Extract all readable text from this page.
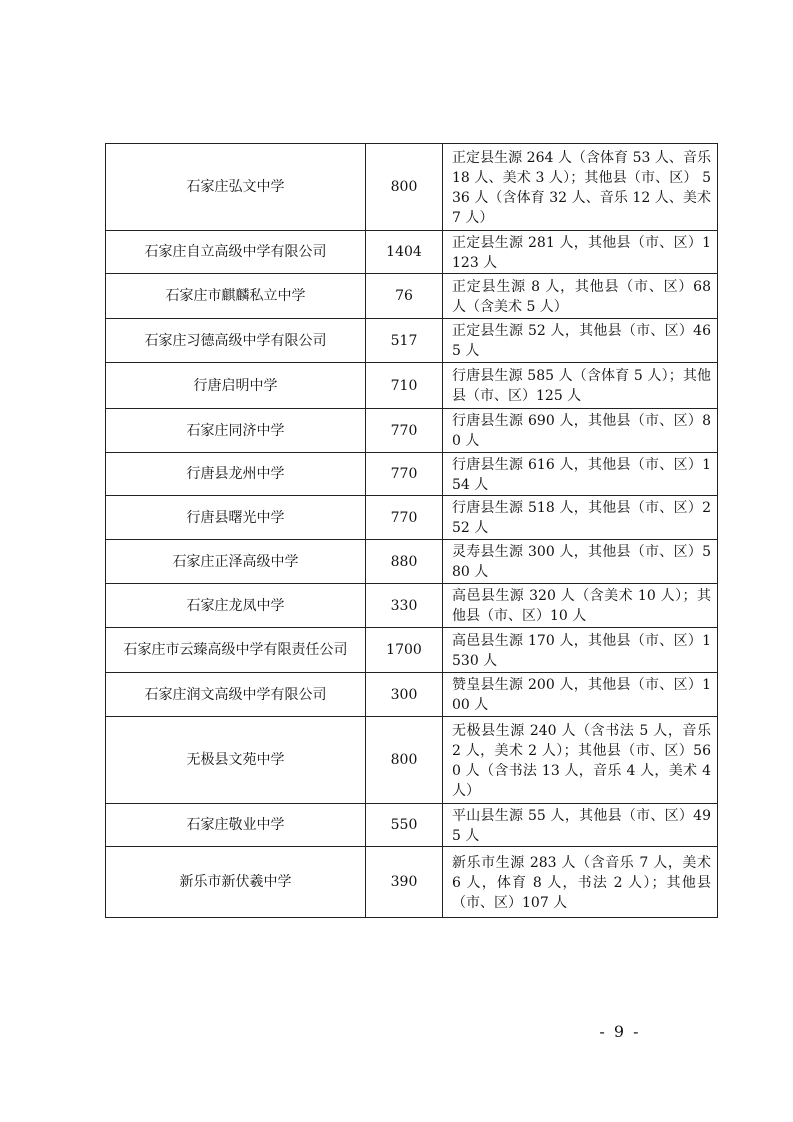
石家庄弘文中学	800	正定县生源 264 人（含体育 53 人、音乐 18 人、美术 3 人）；其他县（市、区） 536 人（含体育 32 人、音乐 12 人、美术 7 人）
石家庄自立高级中学有限公司	1404	正定县生源 281 人，其他县（市、区）1123 人
石家庄市麒麟私立中学	76	正定县生源 8 人，其他县（市、区）68 人（含美术 5 人）
石家庄习德高级中学有限公司	517	正定县生源 52 人，其他县（市、区）465 人
行唐启明中学	710	行唐县生源 585 人（含体育 5 人）；其他县（市、区）125 人
石家庄同济中学	770	行唐县生源 690 人，其他县（市、区）80 人
行唐县龙州中学	770	行唐县生源 616 人，其他县（市、区）154 人
行唐县曙光中学	770	行唐县生源 518 人，其他县（市、区）252 人
石家庄正泽高级中学	880	灵寿县生源 300 人，其他县（市、区）580 人
石家庄龙凤中学	330	高邑县生源 320 人（含美术 10 人）；其他县（市、区）10 人
石家庄市云臻高级中学有限责任公司	1700	高邑县生源 170 人，其他县（市、区）1530 人
石家庄润文高级中学有限公司	300	赞皇县生源 200 人，其他县（市、区）100 人
无极县文苑中学	800	无极县生源 240 人（含书法 5 人，音乐 2 人，美术 2 人）；其他县（市、区）560 人（含书法 13 人，音乐 4 人，美术 4 人）
石家庄敬业中学	550	平山县生源 55 人，其他县（市、区）495 人
新乐市新伏羲中学	390	新乐市生源 283 人（含音乐 7 人，美术 6 人，体育 8 人，书法 2 人）；其他县（市、区）107 人
- 9 -
